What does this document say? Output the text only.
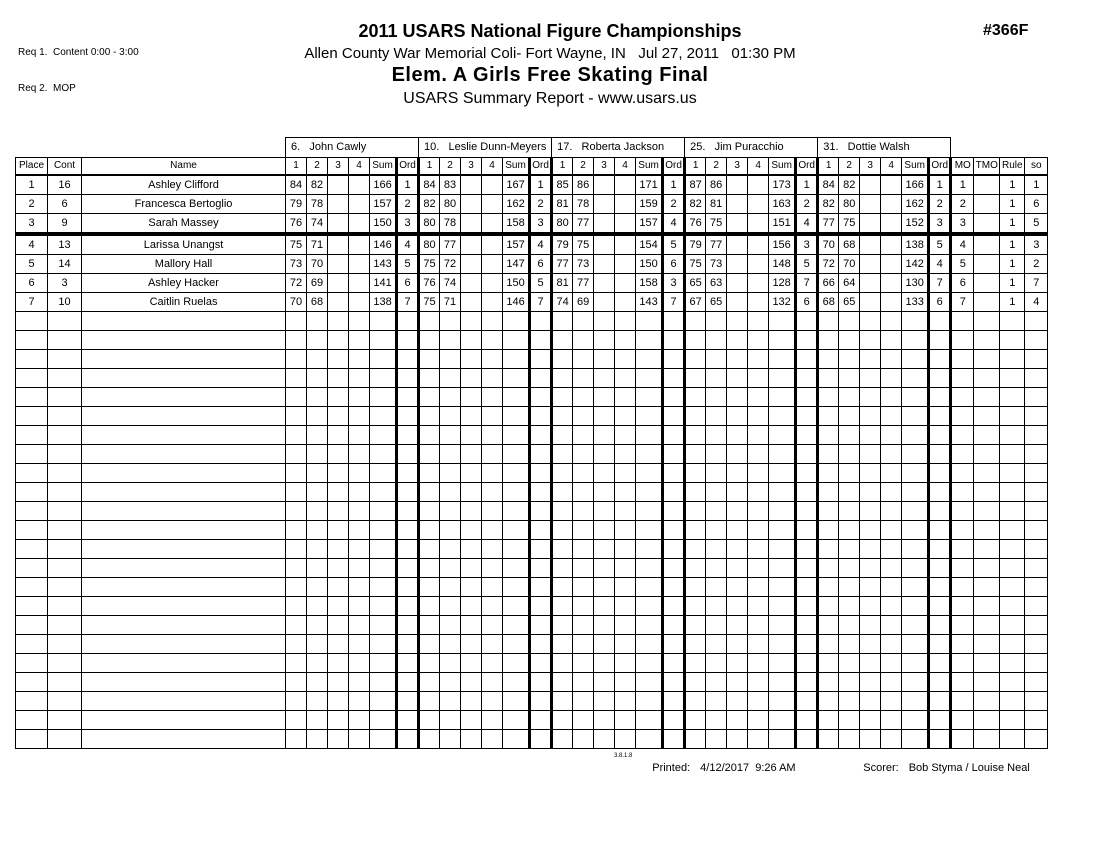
Req 1.  Content 0:00 - 3:00

Req 2.  MOP

#366F
2011 USARS National Figure Championships
Allen County War Memorial Coli- Fort Wayne, IN   Jul 27, 2011   01:30 PM
Elem. A Girls Free Skating Final
USARS Summary Report - www.usars.us
			6.   John Cawly						10.   Leslie Dunn-Meyers						17.   Roberta Jackson						25.   Jim Puracchio						31.   Dottie Walsh									
Place	Cont	Name	1	2	3	4	Sum	Ord	1	2	3	4	Sum	Ord	1	2	3	4	Sum	Ord	1	2	3	4	Sum	Ord	1	2	3	4	Sum	Ord	MO	TMO	Rule	so
1	16	Ashley Clifford	84	82			166	1	84	83			167	1	85	86			171	1	87	86			173	1	84	82			166	1	1		1	1
2	6	Francesca Bertoglio	79	78			157	2	82	80			162	2	81	78			159	2	82	81			163	2	82	80			162	2	2		1	6
3	9	Sarah Massey	76	74			150	3	80	78			158	3	80	77			157	4	76	75			151	4	77	75			152	3	3		1	5
4	13	Larissa Unangst	75	71			146	4	80	77			157	4	79	75			154	5	79	77			156	3	70	68			138	5	4		1	3
5	14	Mallory Hall	73	70			143	5	75	72			147	6	77	73			150	6	75	73			148	5	72	70			142	4	5		1	2
6	3	Ashley Hacker	72	69			141	6	76	74			150	5	81	77			158	3	65	63			128	7	66	64			130	7	6		1	7
7	10	Caitlin Ruelas	70	68			138	7	75	71			146	7	74	69			143	7	67	65			132	6	68	65			133	6	7		1	4

3.8.1.8

Printed: 4/12/2017  9:26 AM
	Scorer: Bob Styma / Louise Neal
